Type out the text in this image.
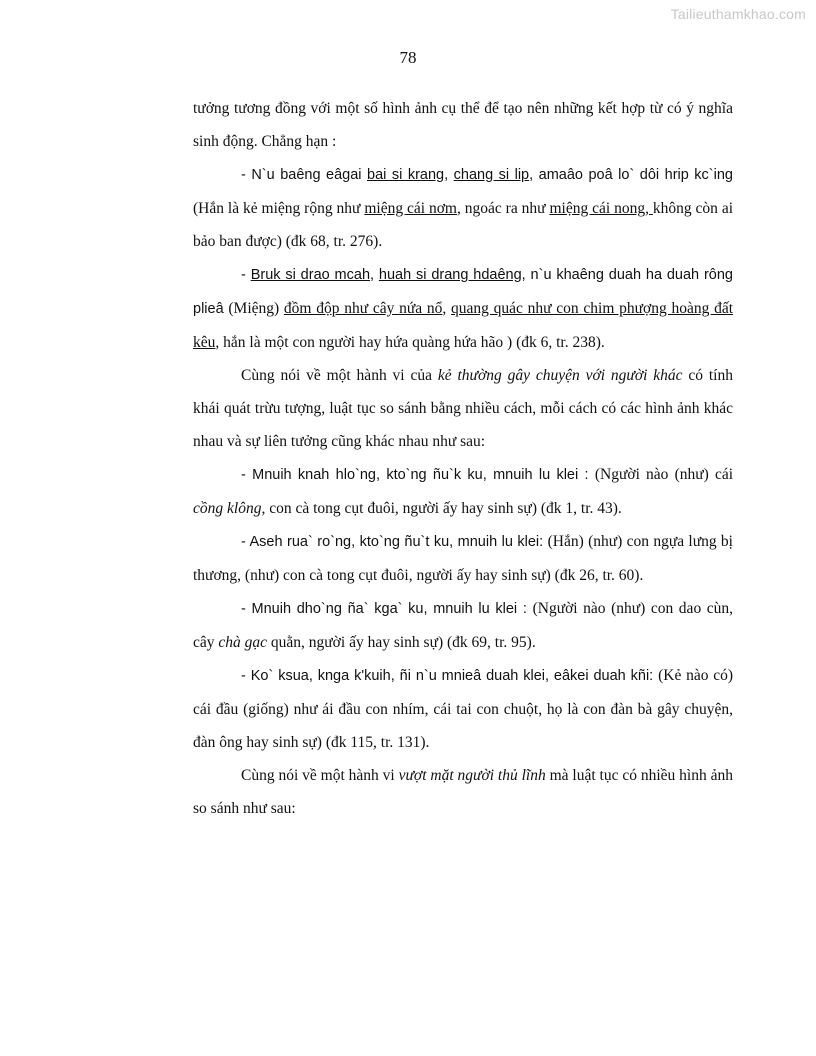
Tailieuthamkhao.com
78

tưởng tương đồng với một số hình ảnh cụ thể để tạo nên những kết hợp từ có ý nghĩa sinh động. Chẳng hạn :

- N`u baêng eâgai bai si krang, chang si lip, amaâo poâ lo` dôi hrip kc`ing (Hắn là kẻ miệng rộng như miệng cái nơm, ngoác ra như miệng cái nong, không còn ai bảo ban được) (đk 68, tr. 276).

- Bruk si drao mcah, huah si drang hdaêng, n`u khaêng duah ha duah rông plieâ (Miệng) đồm độp như cây nứa nổ, quang quác như con chim phượng hoàng đất kêu, hắn là một con người hay hứa quàng hứa hão ) (đk 6, tr. 238).

Cùng nói về một hành vi của kẻ thường gây chuyện với người khác có tính khái quát trừu tượng, luật tục so sánh bằng nhiều cách, mỗi cách có các hình ảnh khác nhau và sự liên tưởng cũng khác nhau như sau:

- Mnuih knah hlo`ng, kto`ng ñu`k ku, mnuih lu klei : (Người nào (như) cái cồng klông, con cà tong cụt đuôi, người ấy hay sinh sự) (đk 1, tr. 43).

- Aseh rua` ro`ng, kto`ng ñu`t ku, mnuih lu klei: (Hắn) (như) con ngựa lưng bị thương, (như) con cà tong cụt đuôi, người ấy hay sinh sự) (đk 26, tr. 60).

- Mnuih dho`ng ña` kga` ku, mnuih lu klei : (Người nào (như) con dao cùn, cây chà gạc quằn, người ấy hay sinh sự) (đk 69, tr. 95).

- Ko` ksua, knga k'kuih, ñi n`u mnieâ duah klei, eâkei duah kñi: (Kẻ nào có) cái đầu (giống) như ái đầu con nhím, cái tai con chuột, họ là con đàn bà gây chuyện, đàn ông hay sinh sự) (đk 115, tr. 131).

Cùng nói về một hành vi vượt mặt người thủ lĩnh mà luật tục có nhiều hình ảnh so sánh như sau:
